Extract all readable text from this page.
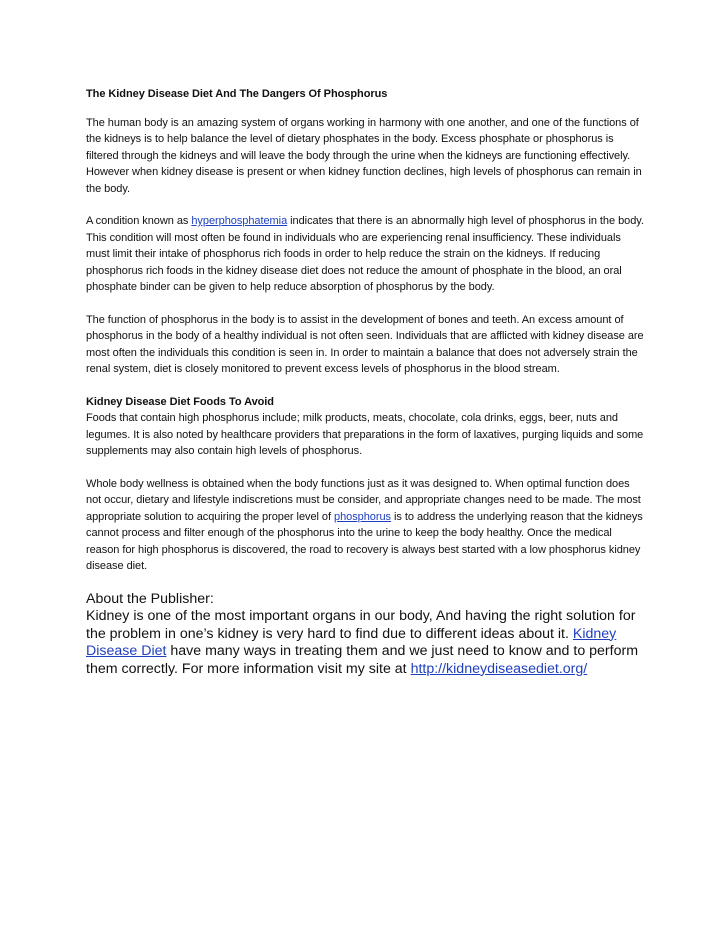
The Kidney Disease Diet And The Dangers Of Phosphorus

The human body is an amazing system of organs working in harmony with one another, and one of the functions of the kidneys is to help balance the level of dietary phosphates in the body. Excess phosphate or phosphorus is filtered through the kidneys and will leave the body through the urine when the kidneys are functioning effectively. However when kidney disease is present or when kidney function declines, high levels of phosphorus can remain in the body.

A condition known as hyperphosphatemia indicates that there is an abnormally high level of phosphorus in the body. This condition will most often be found in individuals who are experiencing renal insufficiency. These individuals must limit their intake of phosphorus rich foods in order to help reduce the strain on the kidneys. If reducing phosphorus rich foods in the kidney disease diet does not reduce the amount of phosphate in the blood, an oral phosphate binder can be given to help reduce absorption of phosphorus by the body.

The function of phosphorus in the body is to assist in the development of bones and teeth. An excess amount of phosphorus in the body of a healthy individual is not often seen. Individuals that are afflicted with kidney disease are most often the individuals this condition is seen in. In order to maintain a balance that does not adversely strain the renal system, diet is closely monitored to prevent excess levels of phosphorus in the blood stream.

Kidney Disease Diet Foods To Avoid
Foods that contain high phosphorus include; milk products, meats, chocolate, cola drinks, eggs, beer, nuts and legumes. It is also noted by healthcare providers that preparations in the form of laxatives, purging liquids and some supplements may also contain high levels of phosphorus.

Whole body wellness is obtained when the body functions just as it was designed to. When optimal function does not occur, dietary and lifestyle indiscretions must be consider, and appropriate changes need to be made. The most appropriate solution to acquiring the proper level of phosphorus is to address the underlying reason that the kidneys cannot process and filter enough of the phosphorus into the urine to keep the body healthy. Once the medical reason for high phosphorus is discovered, the road to recovery is always best started with a low phosphorus kidney disease diet.

About the Publisher:
Kidney is one of the most important organs in our body, And having the right solution for the problem in one’s kidney is very hard to find due to different ideas about it. Kidney Disease Diet have many ways in treating them and we just need to know and to perform them correctly. For more information visit my site at http://kidneydiseasediet.org/
